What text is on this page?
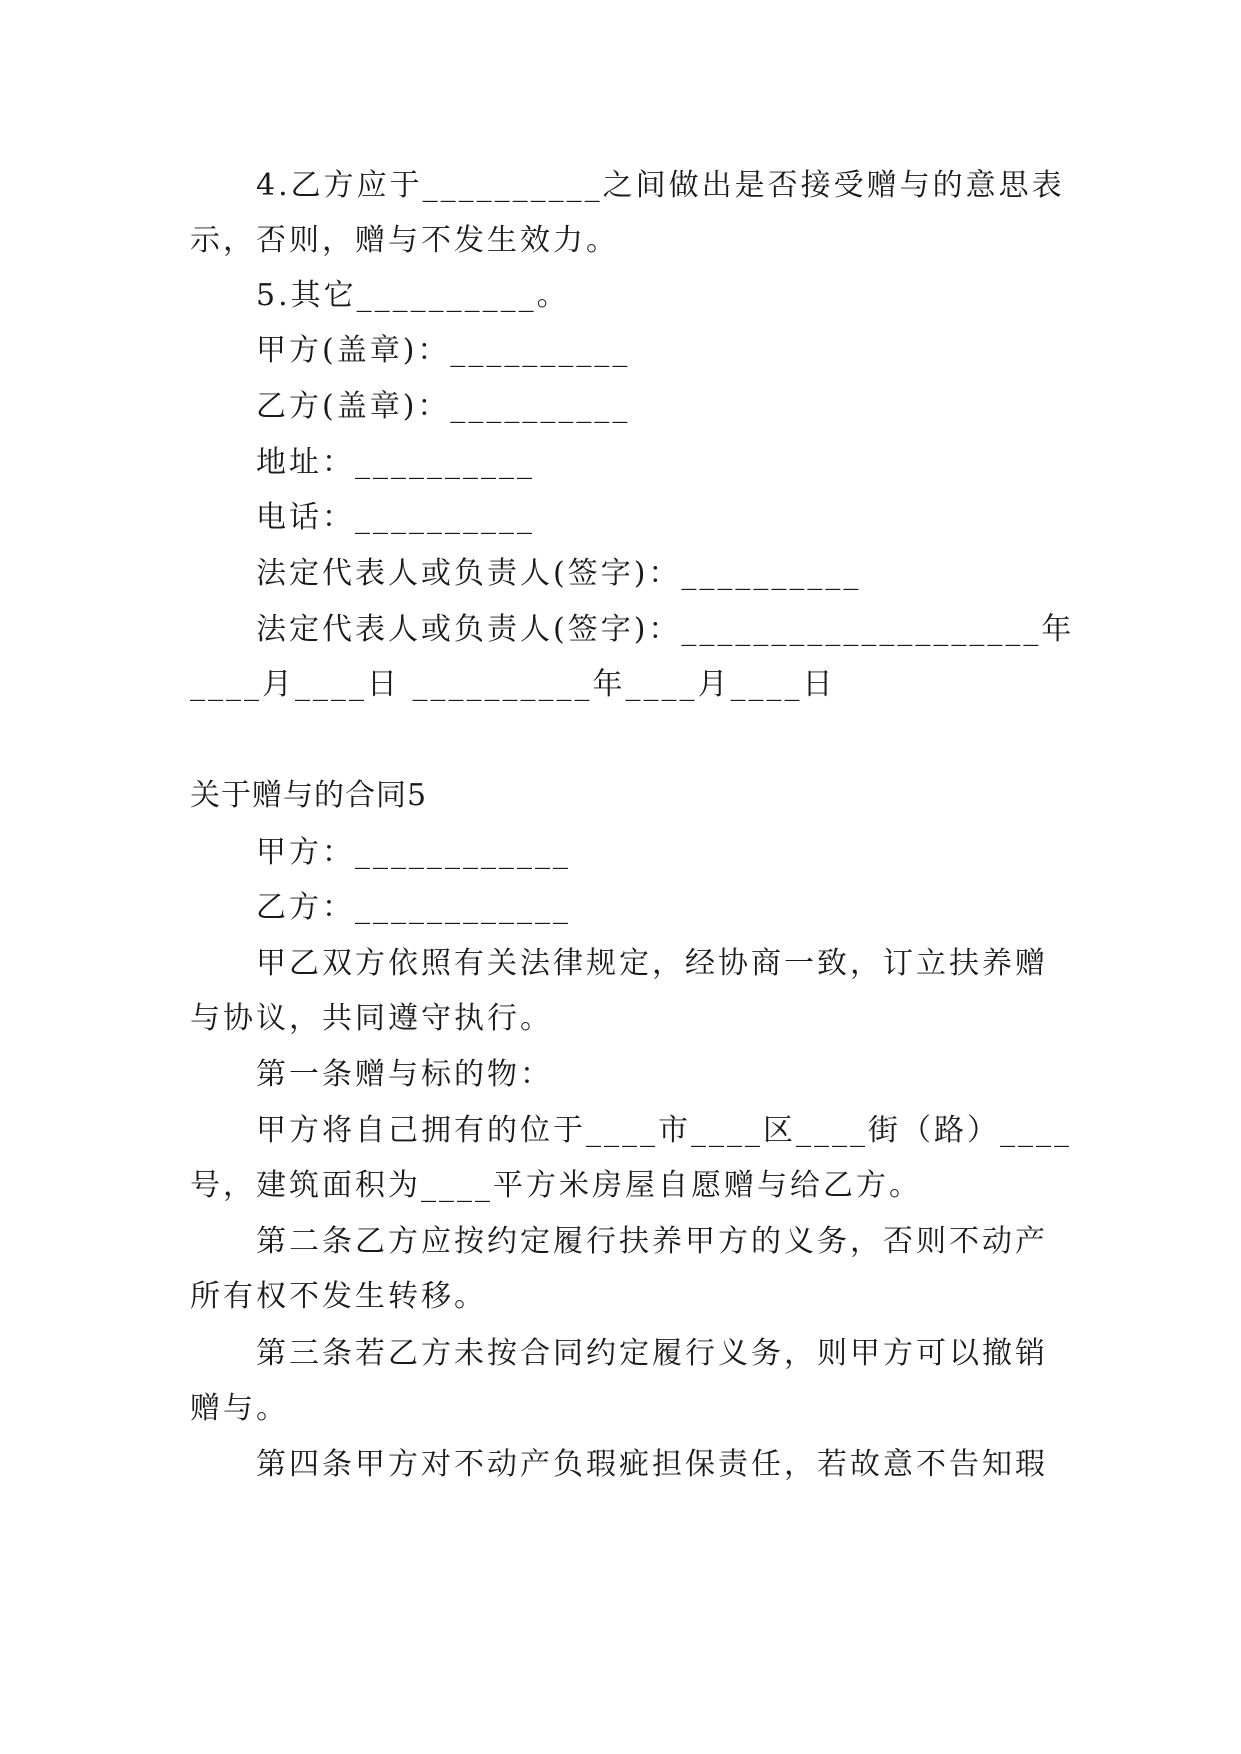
4.乙方应于__________之间做出是否接受赠与的意思表
示，否则，赠与不发生效力。
5.其它__________。
甲方(盖章)：__________
乙方(盖章)：__________
地址：__________
电话：__________
法定代表人或负责人(签字)：__________
法定代表人或负责人(签字)：____________________年
____月____日 __________年____月____日
关于赠与的合同5
甲方：____________
乙方：____________
甲乙双方依照有关法律规定，经协商一致，订立扶养赠
与协议，共同遵守执行。
第一条赠与标的物：
甲方将自己拥有的位于____市____区____街（路）____
号，建筑面积为____平方米房屋自愿赠与给乙方。
第二条乙方应按约定履行扶养甲方的义务，否则不动产
所有权不发生转移。
第三条若乙方未按合同约定履行义务，则甲方可以撤销
赠与。
第四条甲方对不动产负瑕疵担保责任，若故意不告知瑕
